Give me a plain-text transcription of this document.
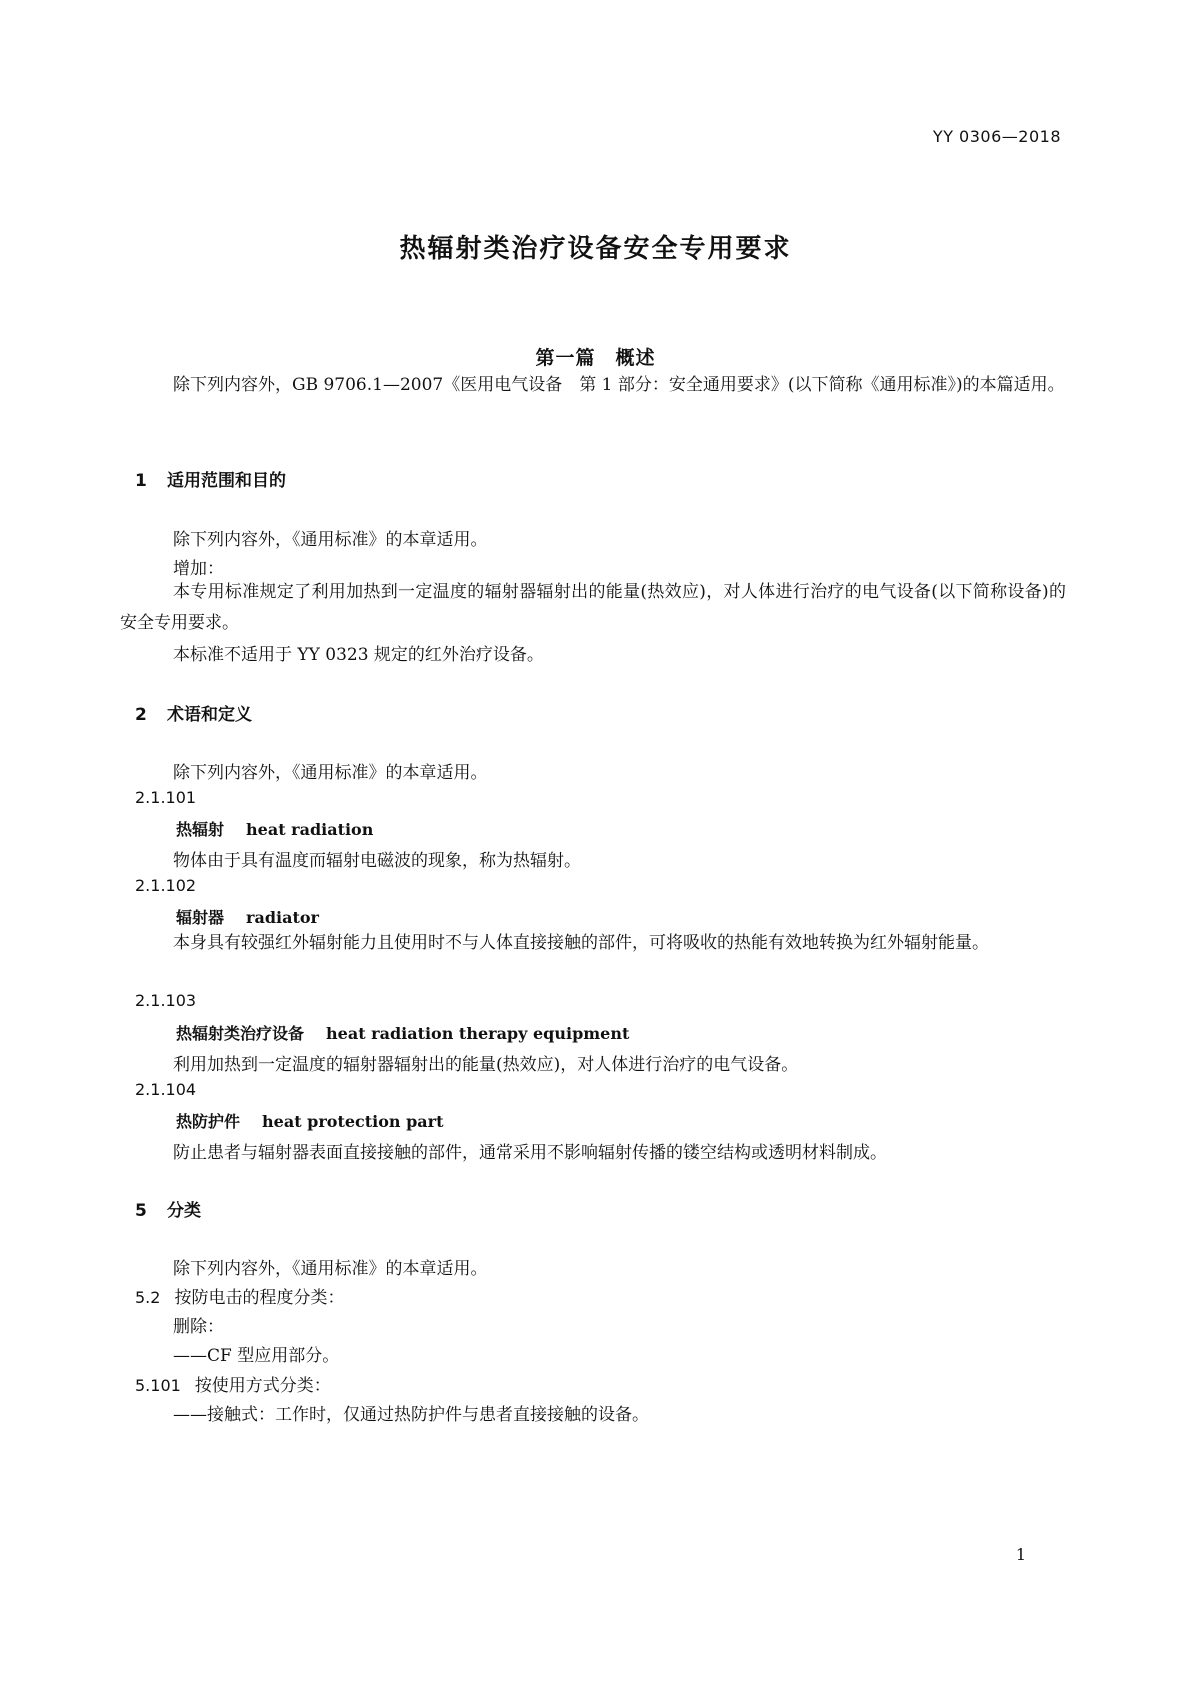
YY 0306—2018
热辐射类治疗设备安全专用要求
第一篇　概述
除下列内容外，GB 9706.1—2007《医用电气设备　第 1 部分：安全通用要求》(以下简称《通用标准》)的本篇适用。
1 适用范围和目的
除下列内容外，《通用标准》的本章适用。
增加：
本专用标准规定了利用加热到一定温度的辐射器辐射出的能量(热效应)，对人体进行治疗的电气设备(以下简称设备)的安全专用要求。
本标准不适用于 YY 0323 规定的红外治疗设备。
2 术语和定义
除下列内容外，《通用标准》的本章适用。
2.1.101
热辐射 heat radiation
物体由于具有温度而辐射电磁波的现象，称为热辐射。
2.1.102
辐射器 radiator
本身具有较强红外辐射能力且使用时不与人体直接接触的部件，可将吸收的热能有效地转换为红外辐射能量。
2.1.103
热辐射类治疗设备 heat radiation therapy equipment
利用加热到一定温度的辐射器辐射出的能量(热效应)，对人体进行治疗的电气设备。
2.1.104
热防护件 heat protection part
防止患者与辐射器表面直接接触的部件，通常采用不影响辐射传播的镂空结构或透明材料制成。
5 分类
除下列内容外，《通用标准》的本章适用。
5.2 按防电击的程度分类：
删除：
——CF 型应用部分。
5.101 按使用方式分类：
——接触式：工作时，仅通过热防护件与患者直接接触的设备。
1
